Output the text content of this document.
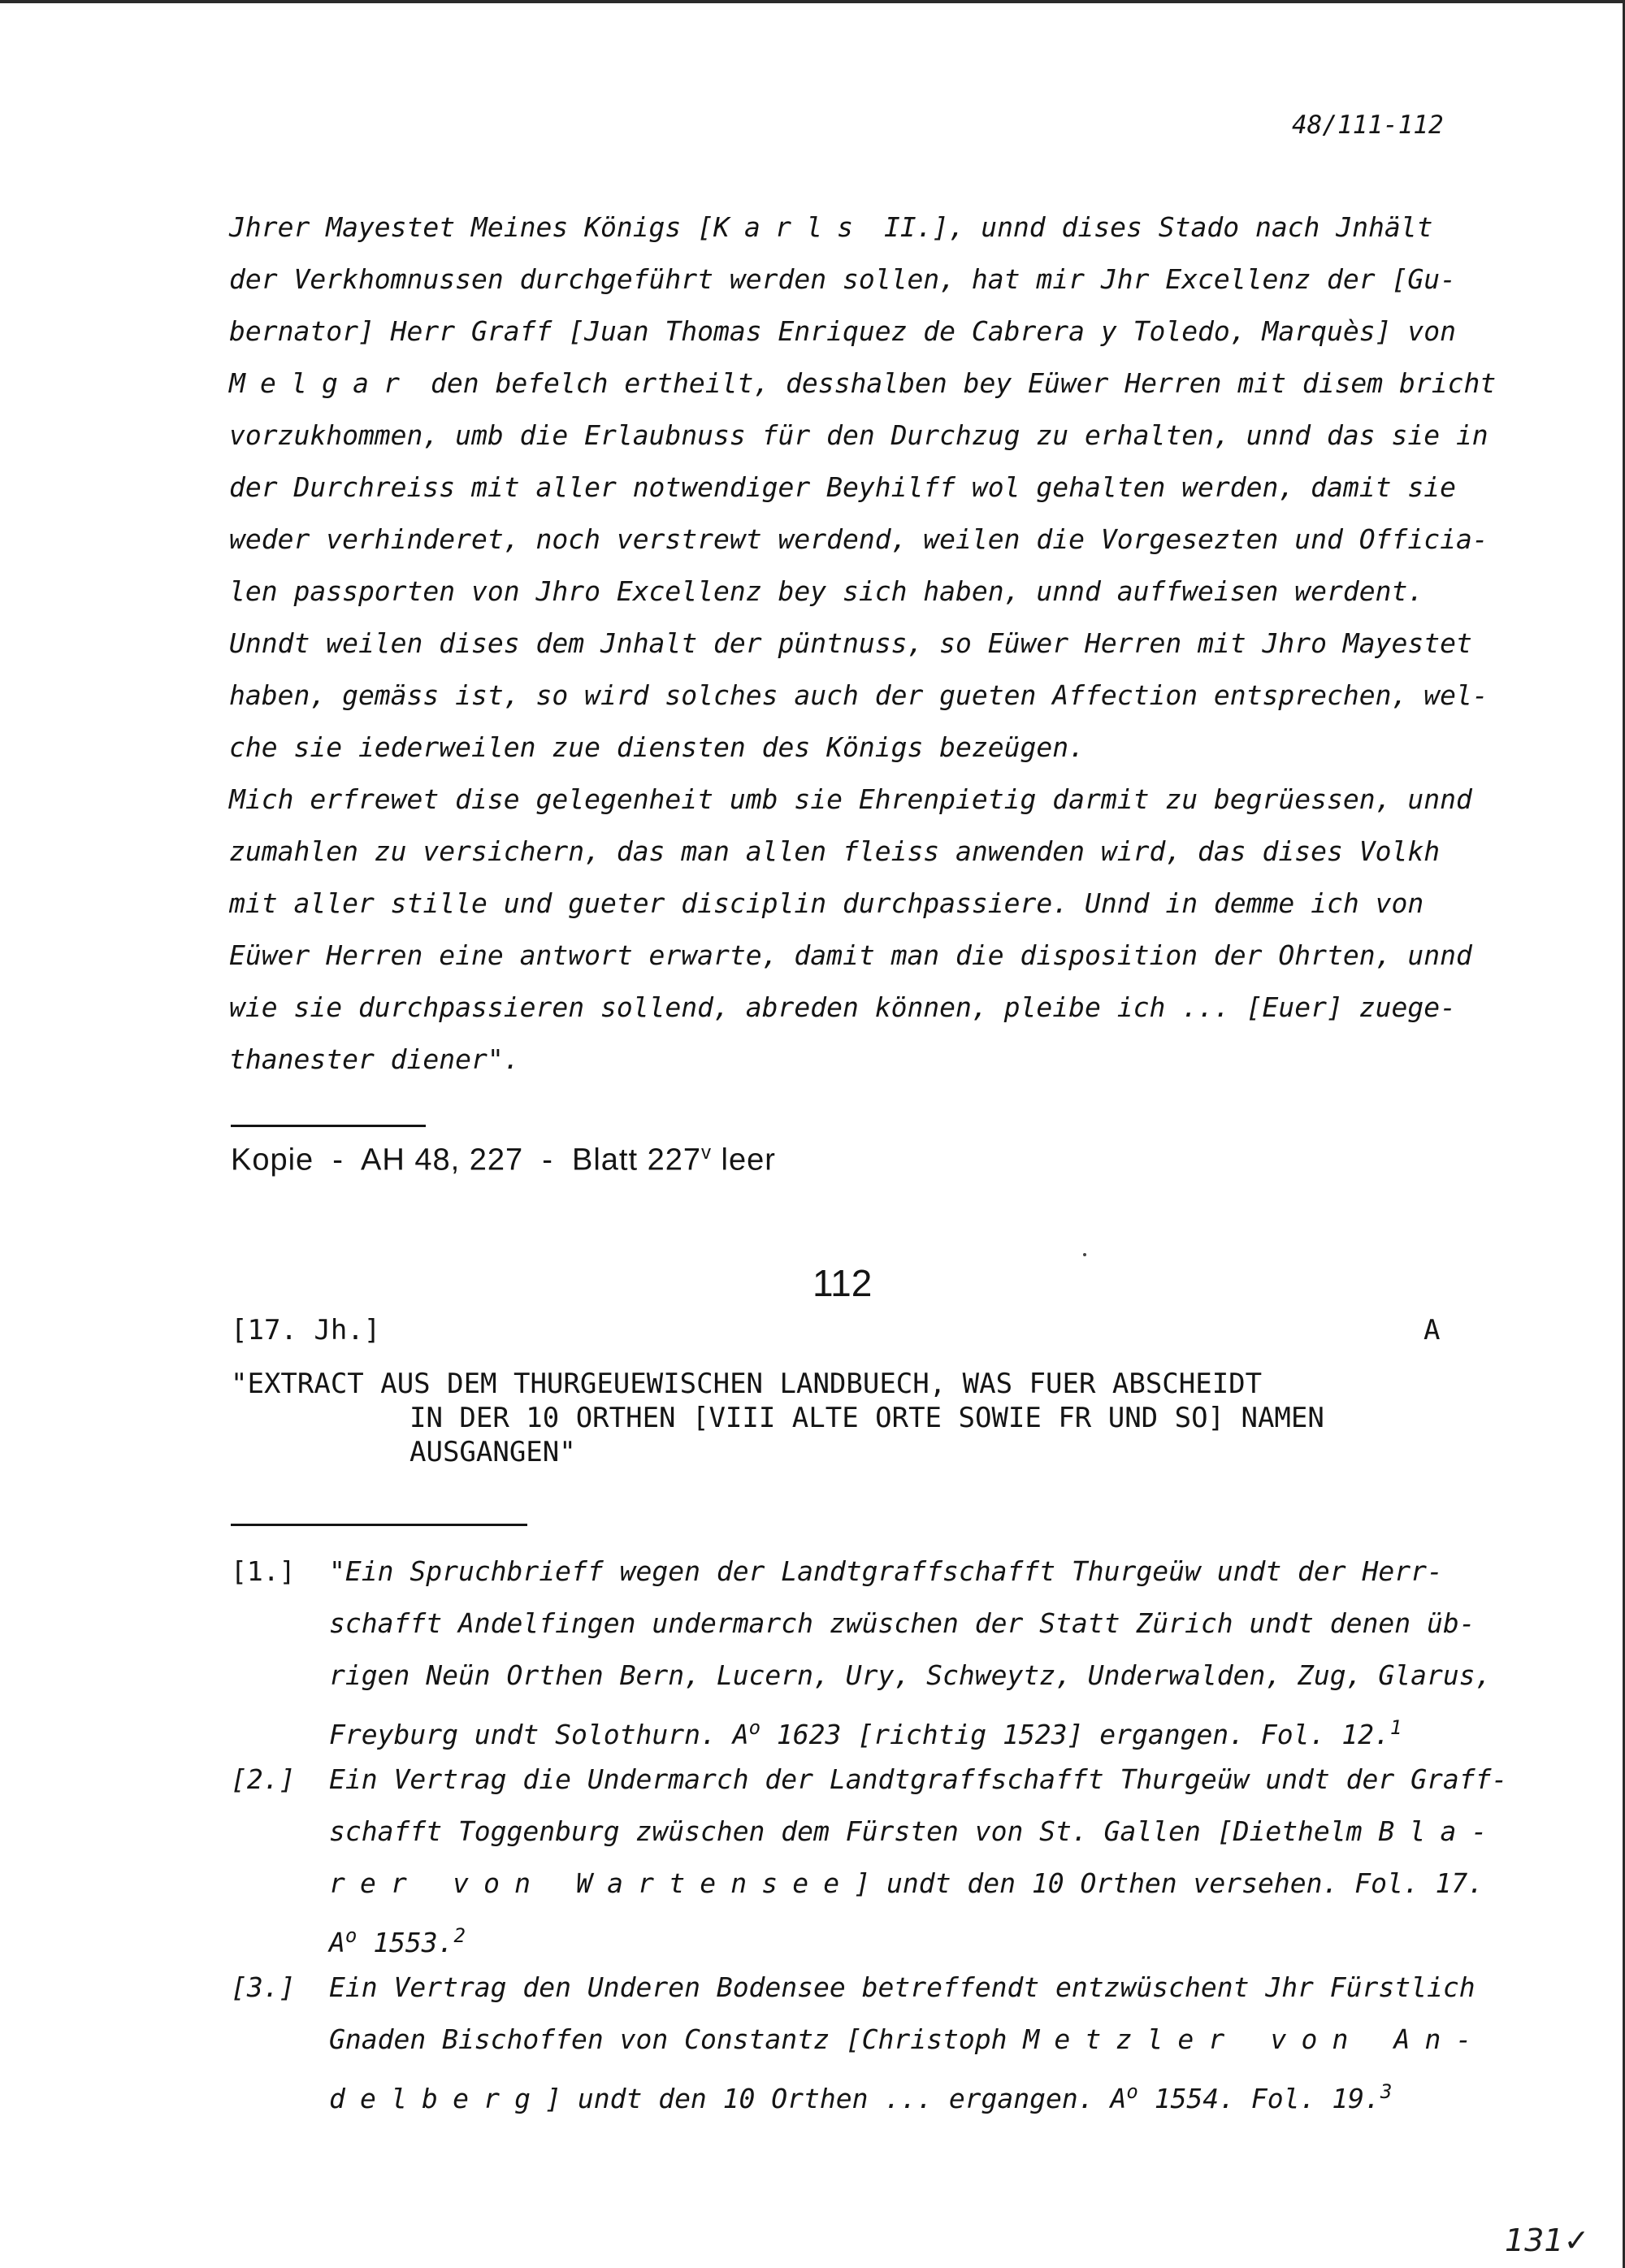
48/111-112
Jhrer Mayestet Meines Königs [Karls II.], unnd dises Stado nach Jnhält
der Verkhomnussen durchgeführt werden sollen, hat mir Jhr Excellenz der [Gu-
bernator] Herr Graff [Juan Thomas Enriquez de Cabrera y Toledo, Marquès] von
Melgar den befelch ertheilt, desshalben bey Eüwer Herren mit disem bricht
vorzukhommen, umb die Erlaubnuss für den Durchzug zu erhalten, unnd das sie in
der Durchreiss mit aller notwendiger Beyhilff wol gehalten werden, damit sie
weder verhinderet, noch verstrewt werdend, weilen die Vorgesezten und Officia-
len passporten von Jhro Excellenz bey sich haben, unnd auffweisen werdent.
Unndt weilen dises dem Jnhalt der püntnuss, so Eüwer Herren mit Jhro Mayestet
haben, gemäss ist, so wird solches auch der gueten Affection entsprechen, wel-
che sie iederweilen zue diensten des Königs bezeügen.
Mich erfrewet dise gelegenheit umb sie Ehrenpietig darmit zu begrüessen, unnd
zumahlen zu versichern, das man allen fleiss anwenden wird, das dises Volkh
mit aller stille und gueter disciplin durchpassiere. Unnd in demme ich von
Eüwer Herren eine antwort erwarte, damit man die disposition der Ohrten, unnd
wie sie durchpassieren sollend, abreden können, pleibe ich ... [Euer] zuege-
thanester diener".
Kopie  -  AH 48, 227  -  Blatt 227$^v$ leer
112
[17. Jh.]	A
"EXTRACT AUS DEM THURGEUEWISCHEN LANDBUECH, WAS FUER ABSCHEIDT
IN DER 10 ORTHEN [VIII ALTE ORTE SOWIE FR UND SO] NAMEN
AUSGANGEN"
[1.] "Ein Spruchbrieff wegen der Landtgraffschafft Thurgeüw undt der Herr-
schafft Andelfingen undermarch zwüschen der Statt Zürich undt denen üb-
rigen Neün Orthen Bern, Lucern, Ury, Schweytz, Underwalden, Zug, Glarus,
Freyburg undt Solothurn. $A^o$ 1623 [richtig 1523] ergangen. Fol. 12.$^1$
[2.] Ein Vertrag die Undermarch der Landtgraffschafft Thurgeüw undt der Graff-
schafft Toggenburg zwüschen dem Fürsten von St. Gallen [Diethelm Bla-
rer von Wartensee] undt den 10 Orthen versehen. Fol. 17.
$A^o$ 1553.$^2$
[3.] Ein Vertrag den Underen Bodensee betreffendt entzwüschent Jhr Fürstlich
Gnaden Bischoffen von Constantz [Christoph Metzler von An-
delberg] undt den 10 Orthen ... ergangen. $A^o$ 1554. Fol. 19.$^3$
131✓
